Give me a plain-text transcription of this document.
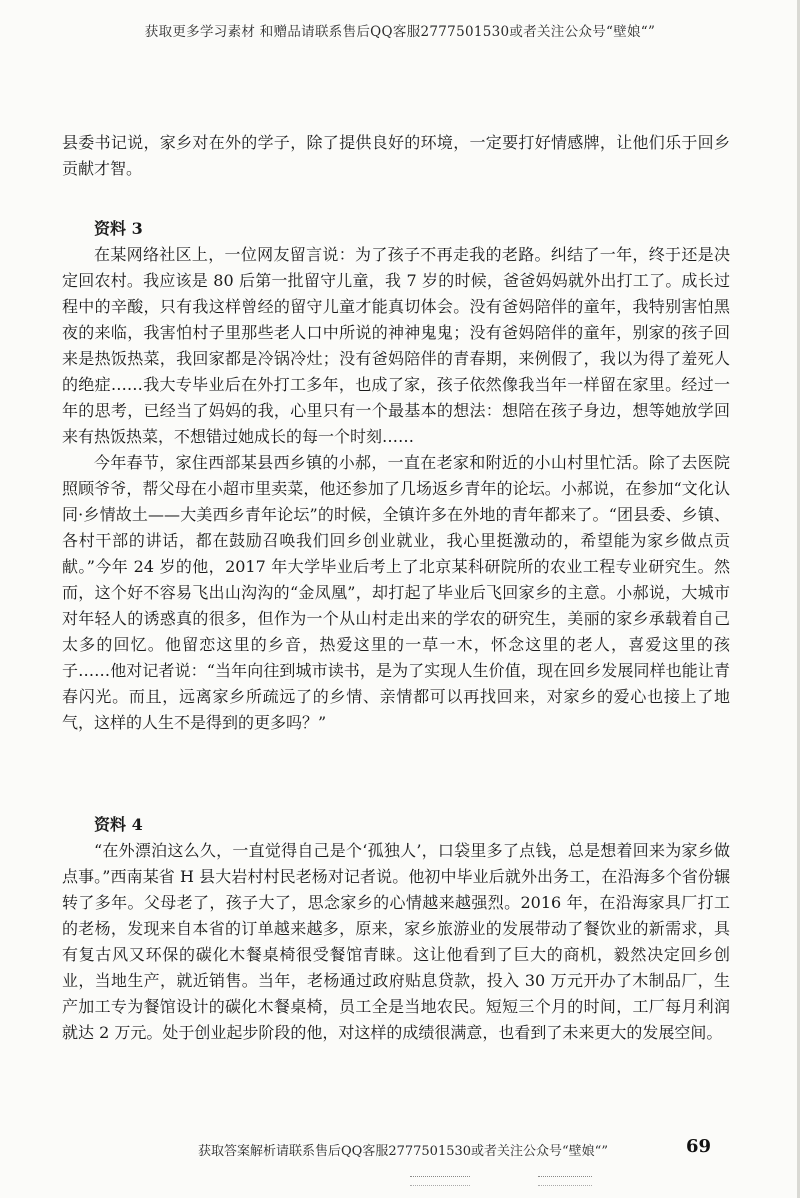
获取更多学习素材 和赠品请联系售后QQ客服2777501530或者关注公众号“壁娘“”

县委书记说，家乡对在外的学子，除了提供良好的环境，一定要打好情感牌，让他们乐于回乡贡献才智。

资料 3

在某网络社区上，一位网友留言说：为了孩子不再走我的老路。纠结了一年，终于还是决定回农村。我应该是 80 后第一批留守儿童，我 7 岁的时候，爸爸妈妈就外出打工了。成长过程中的辛酸，只有我这样曾经的留守儿童才能真切体会。没有爸妈陪伴的童年，我特别害怕黑夜的来临，我害怕村子里那些老人口中所说的神神鬼鬼；没有爸妈陪伴的童年，别家的孩子回来是热饭热菜，我回家都是冷锅冷灶；没有爸妈陪伴的青春期，来例假了，我以为得了羞死人的绝症……我大专毕业后在外打工多年，也成了家，孩子依然像我当年一样留在家里。经过一年的思考，已经当了妈妈的我，心里只有一个最基本的想法：想陪在孩子身边，想等她放学回来有热饭热菜，不想错过她成长的每一个时刻……

今年春节，家住西部某县西乡镇的小郝，一直在老家和附近的小山村里忙活。除了去医院照顾爷爷，帮父母在小超市里卖菜，他还参加了几场返乡青年的论坛。小郝说，在参加“文化认同·乡情故土——大美西乡青年论坛”的时候，全镇许多在外地的青年都来了。“团县委、乡镇、各村干部的讲话，都在鼓励召唤我们回乡创业就业，我心里挺激动的，希望能为家乡做点贡献。”今年 24 岁的他，2017 年大学毕业后考上了北京某科研院所的农业工程专业研究生。然而，这个好不容易飞出山沟沟的“金凤凰”，却打起了毕业后飞回家乡的主意。小郝说，大城市对年轻人的诱惑真的很多，但作为一个从山村走出来的学农的研究生，美丽的家乡承载着自己太多的回忆。他留恋这里的乡音，热爱这里的一草一木，怀念这里的老人，喜爱这里的孩子……他对记者说：“当年向往到城市读书，是为了实现人生价值，现在回乡发展同样也能让青春闪光。而且，远离家乡所疏远了的乡情、亲情都可以再找回来，对家乡的爱心也接上了地气，这样的人生不是得到的更多吗？”

资料 4

“在外漂泊这么久，一直觉得自己是个‘孤独人’，口袋里多了点钱，总是想着回来为家乡做点事。”西南某省 H 县大岩村村民老杨对记者说。他初中毕业后就外出务工，在沿海多个省份辗转了多年。父母老了，孩子大了，思念家乡的心情越来越强烈。2016 年，在沿海家具厂打工的老杨，发现来自本省的订单越来越多，原来，家乡旅游业的发展带动了餐饮业的新需求，具有复古风又环保的碳化木餐桌椅很受餐馆青睐。这让他看到了巨大的商机，毅然决定回乡创业，当地生产，就近销售。当年，老杨通过政府贴息贷款，投入 30 万元开办了木制品厂，生产加工专为餐馆设计的碳化木餐桌椅，员工全是当地农民。短短三个月的时间，工厂每月利润就达 2 万元。处于创业起步阶段的他，对这样的成绩很满意，也看到了未来更大的发展空间。

获取答案解析请联系售后QQ客服2777501530或者关注公众号“壁娘“”	69
